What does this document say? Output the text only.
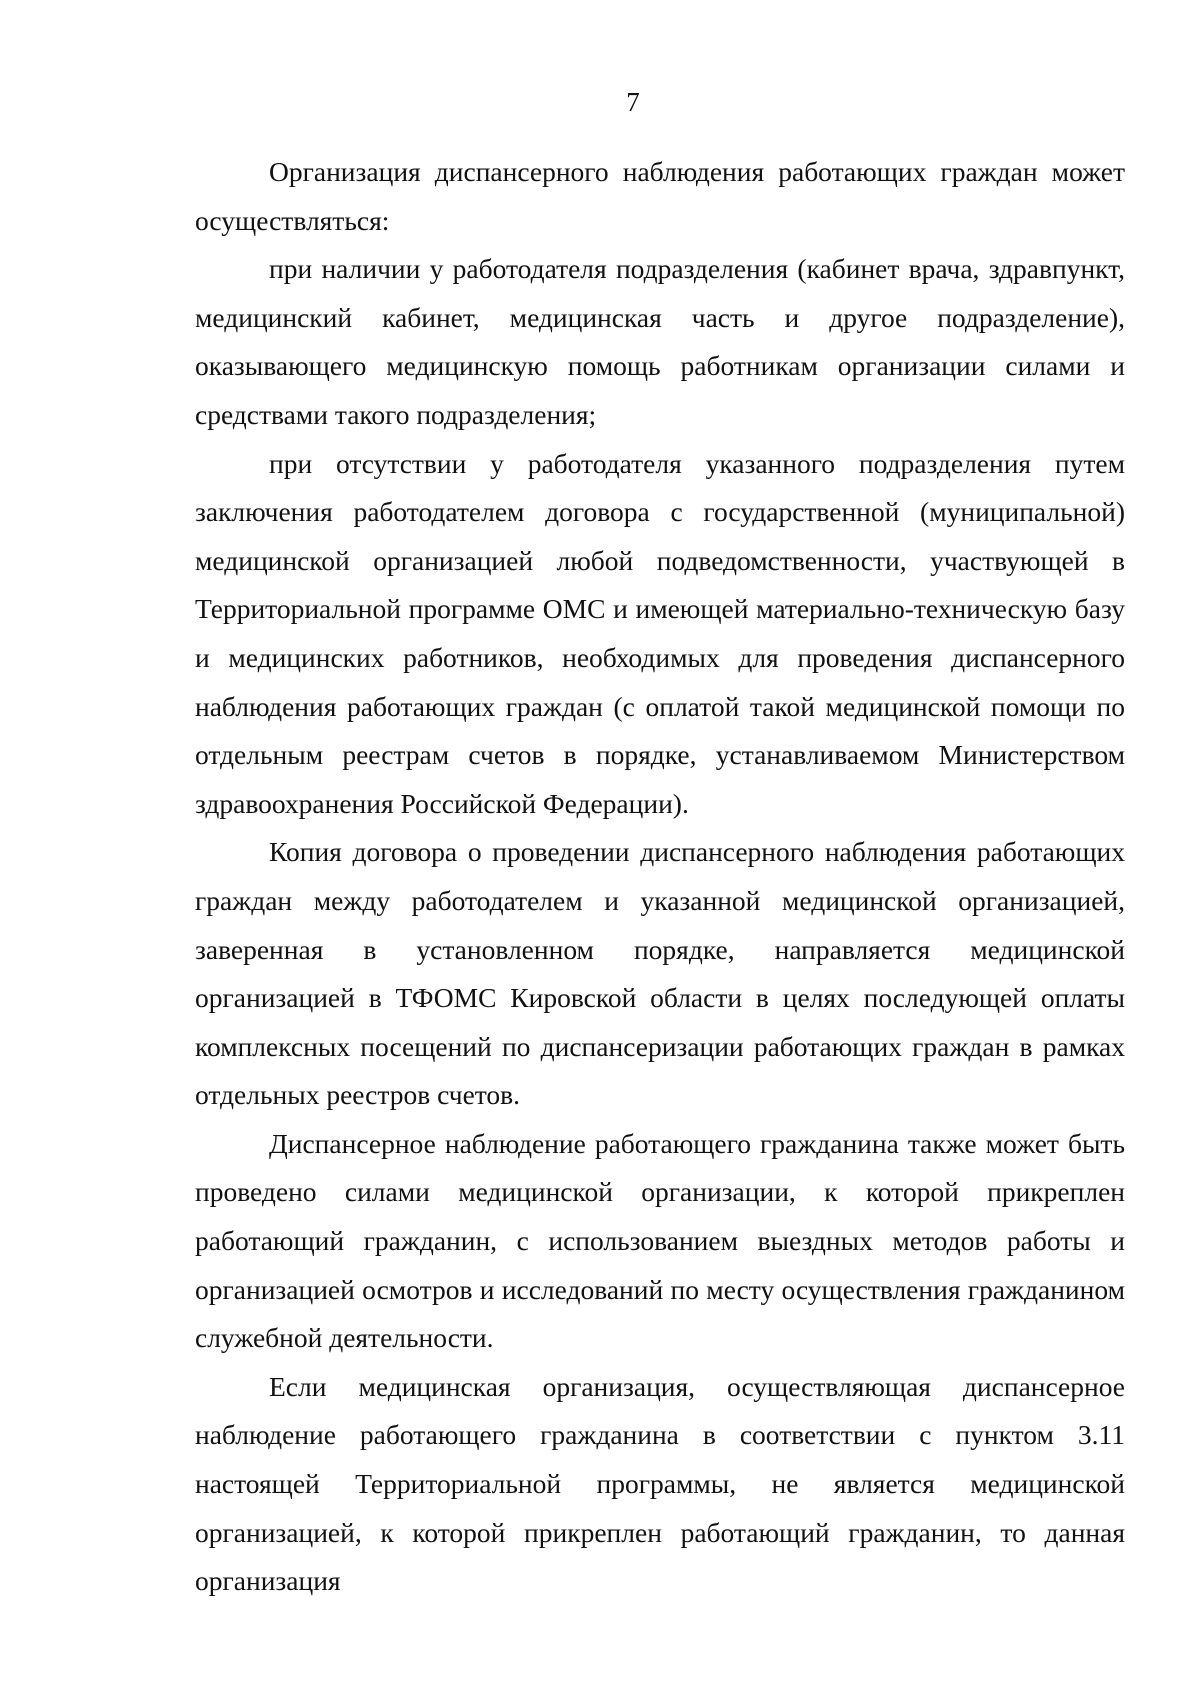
7

Организация диспансерного наблюдения работающих граждан может осуществляться:

при наличии у работодателя подразделения (кабинет врача, здравпункт, медицинский кабинет, медицинская часть и другое подразделение), оказывающего медицинскую помощь работникам организации силами и средствами такого подразделения;

при отсутствии у работодателя указанного подразделения путем заключения работодателем договора с государственной (муниципальной) медицинской организацией любой подведомственности, участвующей в Территориальной программе ОМС и имеющей материально-техническую базу и медицинских работников, необходимых для проведения диспансерного наблюдения работающих граждан (с оплатой такой медицинской помощи по отдельным реестрам счетов в порядке, устанавливаемом Министерством здравоохранения Российской Федерации).

Копия договора о проведении диспансерного наблюдения работающих граждан между работодателем и указанной медицинской организацией, заверенная в установленном порядке, направляется медицинской организацией в ТФОМС Кировской области в целях последующей оплаты комплексных посещений по диспансеризации работающих граждан в рамках отдельных реестров счетов.

Диспансерное наблюдение работающего гражданина также может быть проведено силами медицинской организации, к которой прикреплен работающий гражданин, с использованием выездных методов работы и организацией осмотров и исследований по месту осуществления гражданином служебной деятельности.

Если медицинская организация, осуществляющая диспансерное наблюдение работающего гражданина в соответствии с пунктом 3.11 настоящей Территориальной программы, не является медицинской организацией, к которой прикреплен работающий гражданин, то данная организация
